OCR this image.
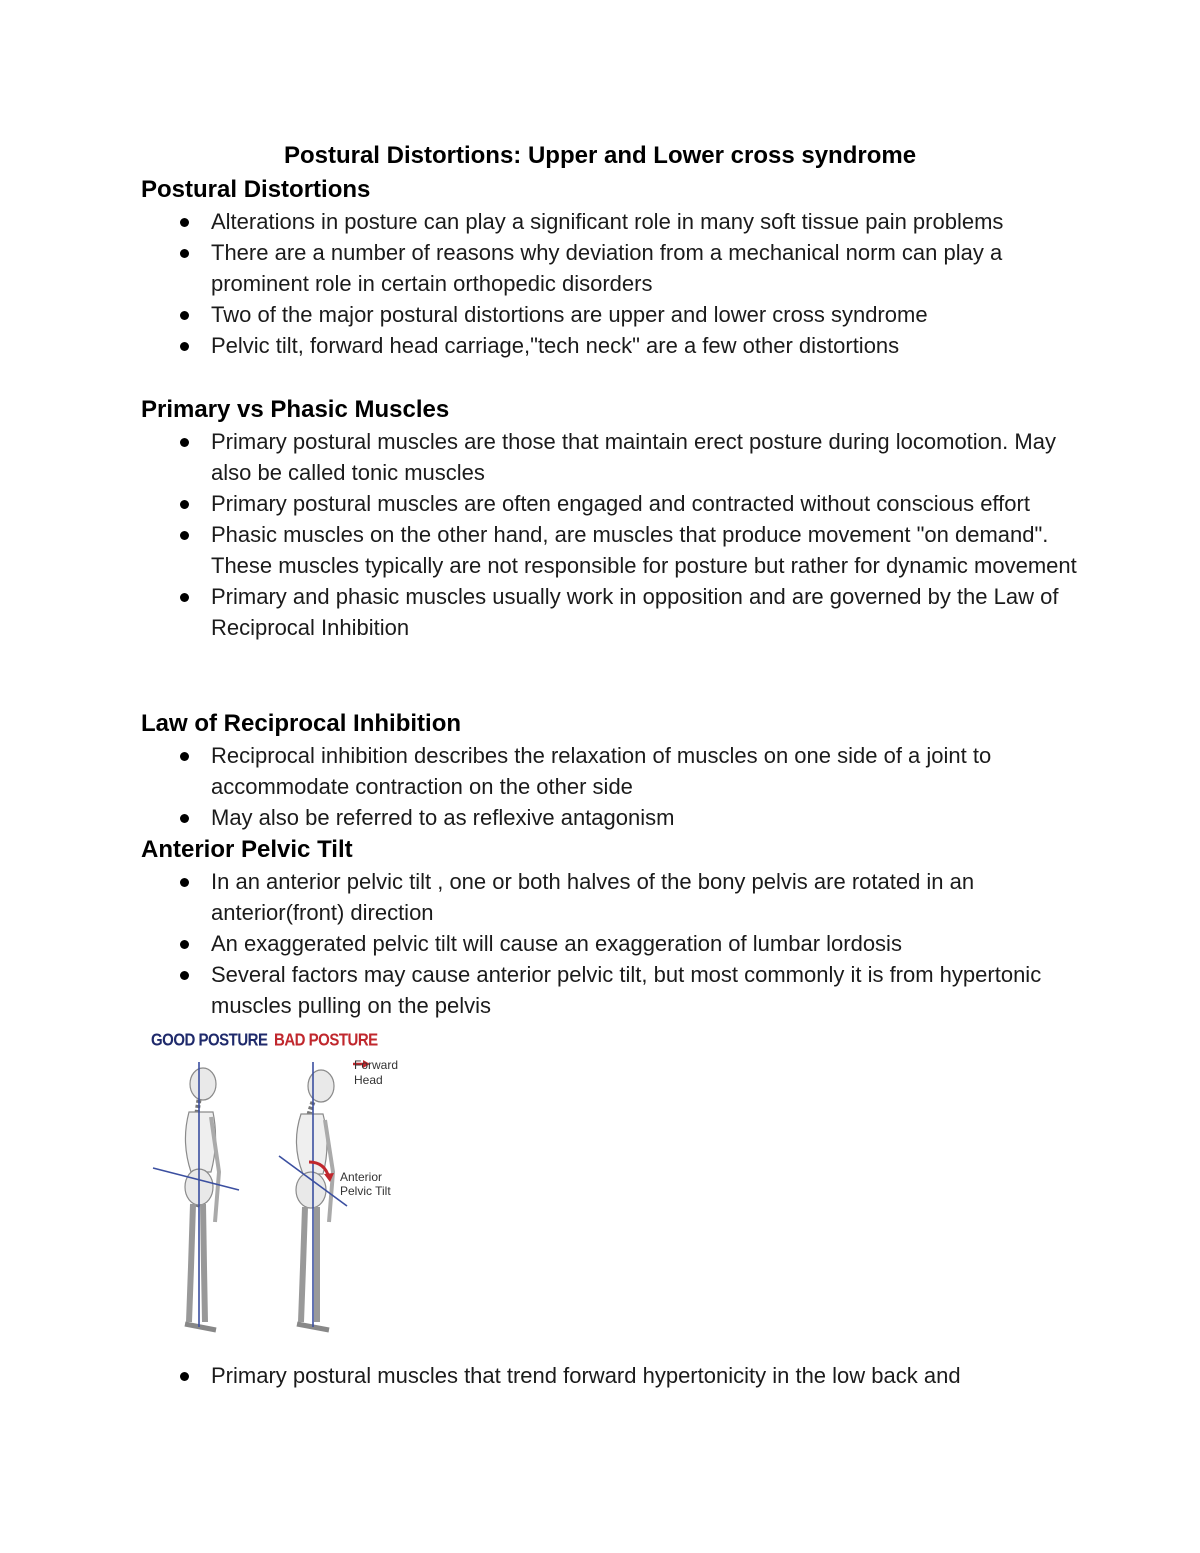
Postural Distortions: Upper and Lower cross syndrome
Postural Distortions
Alterations in posture can play a significant role in many soft tissue pain problems
There are a number of reasons why deviation from a mechanical norm can play a prominent role in certain orthopedic disorders
Two of the major postural distortions are upper and lower cross syndrome
Pelvic tilt, forward head carriage,"tech neck" are a few other distortions
Primary vs Phasic Muscles
Primary postural muscles are those that maintain erect posture during locomotion. May also be called tonic muscles
Primary postural muscles are often engaged and contracted without conscious effort
Phasic muscles on the other hand, are muscles that produce movement "on demand". These muscles typically are not responsible for posture but rather for dynamic movement
Primary and phasic muscles usually work in opposition and are governed by the Law of Reciprocal Inhibition
Law of Reciprocal Inhibition
Reciprocal inhibition describes the relaxation of muscles on one side of a joint to accommodate contraction on the other side
May also be referred to as reflexive antagonism
Anterior Pelvic Tilt
In an anterior pelvic tilt , one or both halves of the bony pelvis are rotated in an anterior(front) direction
An exaggerated pelvic tilt will cause an exaggeration of lumbar lordosis
Several factors may cause anterior pelvic tilt, but most commonly it is from hypertonic muscles pulling on the pelvis
GOOD POSTURE BAD POSTURE
Forward
Head
Anterior
Pelvic Tilt
Primary postural muscles that trend forward hypertonicity in the low back and
